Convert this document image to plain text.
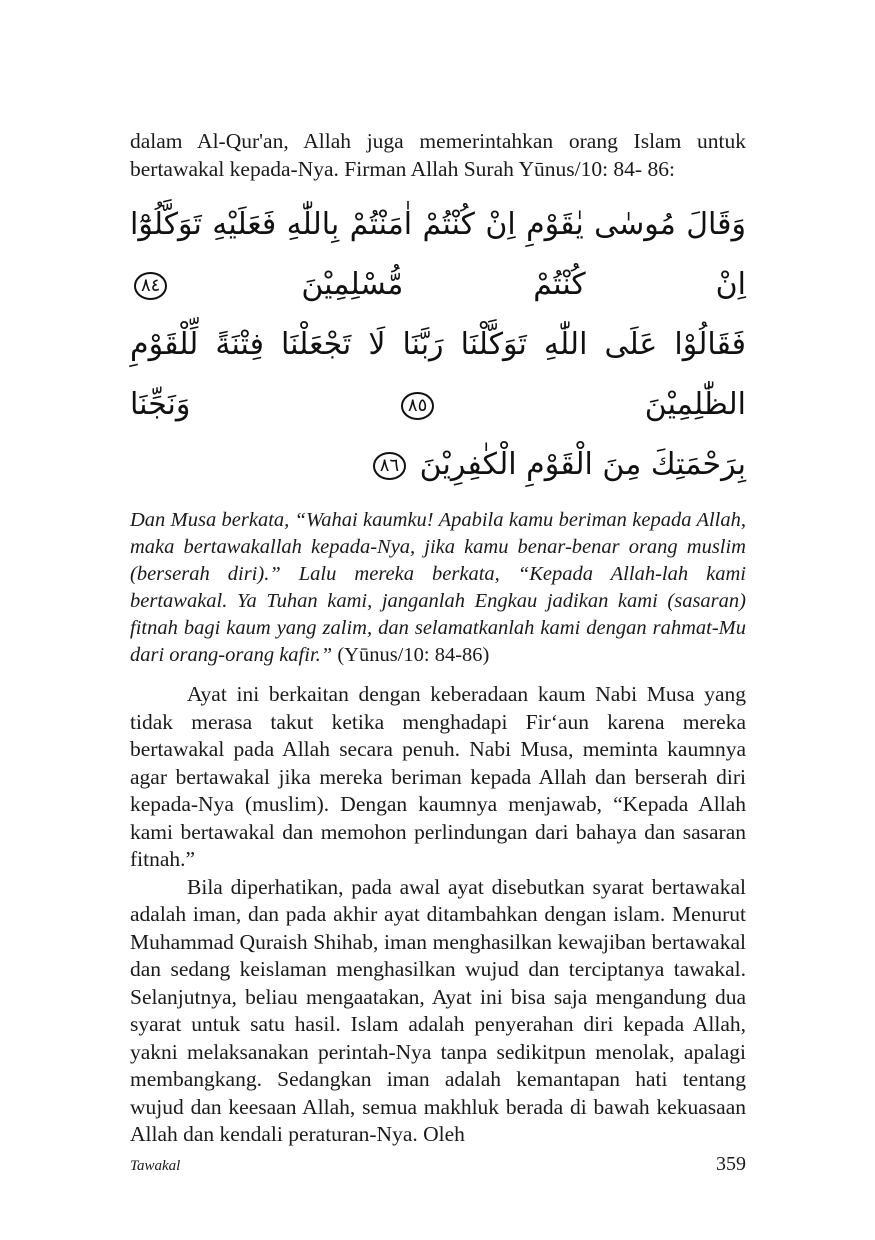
dalam Al-Qur'an, Allah juga memerintahkan orang Islam untuk bertawakal kepada-Nya. Firman Allah Surah Yūnus/10: 84- 86:

وَقَالَ مُوسٰى يٰقَوْمِ اِنْ كُنْتُمْ اٰمَنْتُمْ بِاللّٰهِ فَعَلَيْهِ تَوَكَّلُوْٓا اِنْ كُنْتُمْ مُّسْلِمِيْنَ ٨٤
فَقَالُوْا عَلَى اللّٰهِ تَوَكَّلْنَا رَبَّنَا لَا تَجْعَلْنَا فِتْنَةً لِّلْقَوْمِ الظّٰلِمِيْنَ ٨٥ وَنَجِّنَا
بِرَحْمَتِكَ مِنَ الْقَوْمِ الْكٰفِرِيْنَ ٨٦

Dan Musa berkata, “Wahai kaumku! Apabila kamu beriman kepada Allah, maka bertawakallah kepada-Nya, jika kamu benar-benar orang muslim (berserah diri).” Lalu mereka berkata, “Kepada Allah-lah kami bertawakal. Ya Tuhan kami, janganlah Engkau jadikan kami (sasaran) fitnah bagi kaum yang zalim, dan selamatkanlah kami dengan rahmat-Mu dari orang-orang kafir.” (Yūnus/10: 84-86)

Ayat ini berkaitan dengan keberadaan kaum Nabi Musa yang tidak merasa takut ketika menghadapi Fir‘aun karena mereka bertawakal pada Allah secara penuh. Nabi Musa, meminta kaumnya agar bertawakal jika mereka beriman kepada Allah dan berserah diri kepada-Nya (muslim). Dengan kaumnya menjawab, “Kepada Allah kami bertawakal dan memohon perlindungan dari bahaya dan sasaran fitnah.”

Bila diperhatikan, pada awal ayat disebutkan syarat bertawakal adalah iman, dan pada akhir ayat ditambahkan dengan islam. Menurut Muhammad Quraish Shihab, iman menghasilkan kewajiban bertawakal dan sedang keislaman menghasilkan wujud dan terciptanya tawakal. Selanjutnya, beliau mengaatakan, Ayat ini bisa saja mengandung dua syarat untuk satu hasil. Islam adalah penyerahan diri kepada Allah, yakni melaksanakan perintah-Nya tanpa sedikitpun menolak, apalagi membangkang. Sedangkan iman adalah kemantapan hati tentang wujud dan keesaan Allah, semua makhluk berada di bawah kekuasaan Allah dan kendali peraturan-Nya. Oleh

Tawakal	359
